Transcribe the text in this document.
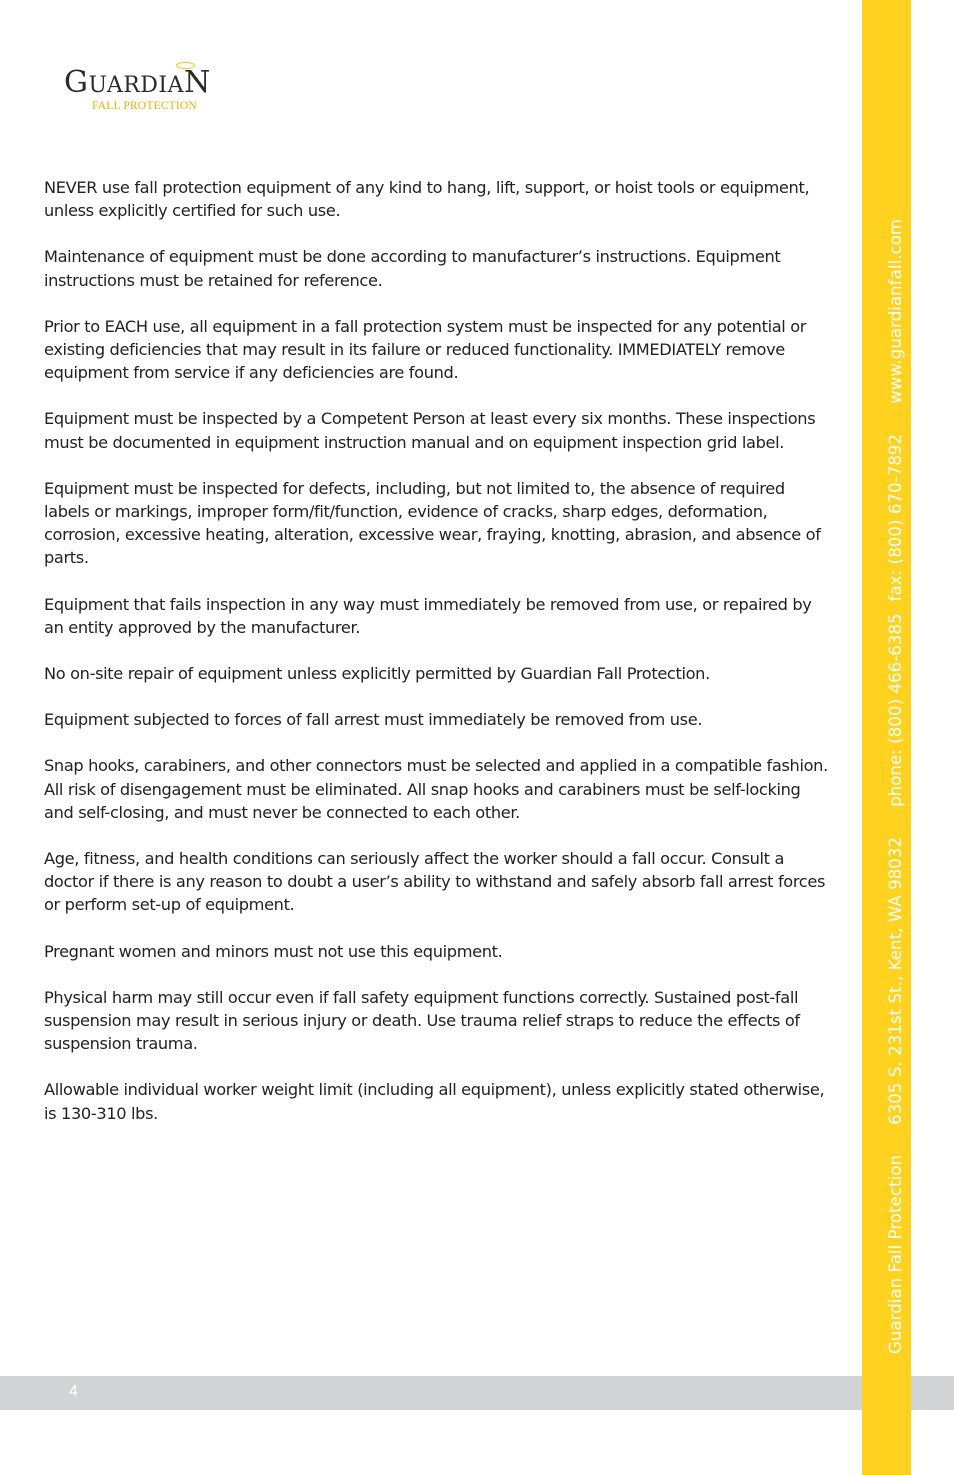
GUARDIAN
FALL PROTECTION

NEVER use fall protection equipment of any kind to hang, lift, support, or hoist tools or equipment, unless explicitly certified for such use.

Maintenance of equipment must be done according to manufacturer’s instructions. Equipment instructions must be retained for reference.

Prior to EACH use, all equipment in a fall protection system must be inspected for any potential or existing deficiencies that may result in its failure or reduced functionality. IMMEDIATELY remove equipment from service if any deficiencies are found.

Equipment must be inspected by a Competent Person at least every six months. These inspections must be documented in equipment instruction manual and on equipment inspection grid label.

Equipment must be inspected for defects, including, but not limited to, the absence of required labels or markings, improper form/fit/function, evidence of cracks, sharp edges, deformation, corrosion, excessive heating, alteration, excessive wear, fraying, knotting, abrasion, and absence of parts.

Equipment that fails inspection in any way must immediately be removed from use, or repaired by an entity approved by the manufacturer.

No on-site repair of equipment unless explicitly permitted by Guardian Fall Protection.

Equipment subjected to forces of fall arrest must immediately be removed from use.

Snap hooks, carabiners, and other connectors must be selected and applied in a compatible fashion. All risk of disengagement must be eliminated. All snap hooks and carabiners must be self-locking and self-closing, and must never be connected to each other.

Age, fitness, and health conditions can seriously affect the worker should a fall occur. Consult a doctor if there is any reason to doubt a user’s ability to withstand and safely absorb fall arrest forces or perform set-up of equipment.

Pregnant women and minors must not use this equipment.

Physical harm may still occur even if fall safety equipment functions correctly. Sustained post-fall suspension may result in serious injury or death. Use trauma relief straps to reduce the effects of suspension trauma.

Allowable individual worker weight limit (including all equipment), unless explicitly stated otherwise, is 130-310 lbs.

Guardian Fall Protection6305 S. 231st St., Kent, WA 98032phone: (800) 466-6385fax: (800) 670-7892www.guardianfall.com
4
